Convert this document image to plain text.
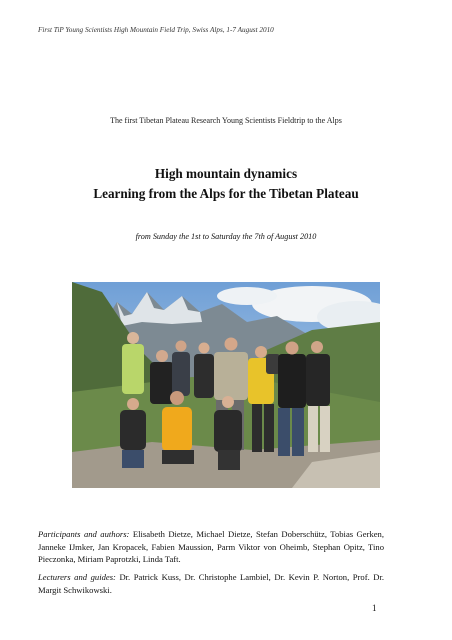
First TiP Young Scientists High Mountain Field Trip, Swiss Alps, 1-7 August 2010
The first Tibetan Plateau Research Young Scientists Fieldtrip to the Alps
High mountain dynamics
Learning from the Alps for the Tibetan Plateau
from Sunday the 1st to Saturday the 7th of August 2010
Participants and authors: Elisabeth Dietze, Michael Dietze, Stefan Doberschütz, Tobias Gerken, Janneke IJmker, Jan Kropacek, Fabien Maussion, Parm Viktor von Oheimb, Stephan Opitz, Tino Pieczonka, Miriam Paprotzki, Linda Taft.
Lecturers and guides: Dr. Patrick Kuss, Dr. Christophe Lambiel, Dr. Kevin P. Norton, Prof. Dr. Margit Schwikowski.
1
